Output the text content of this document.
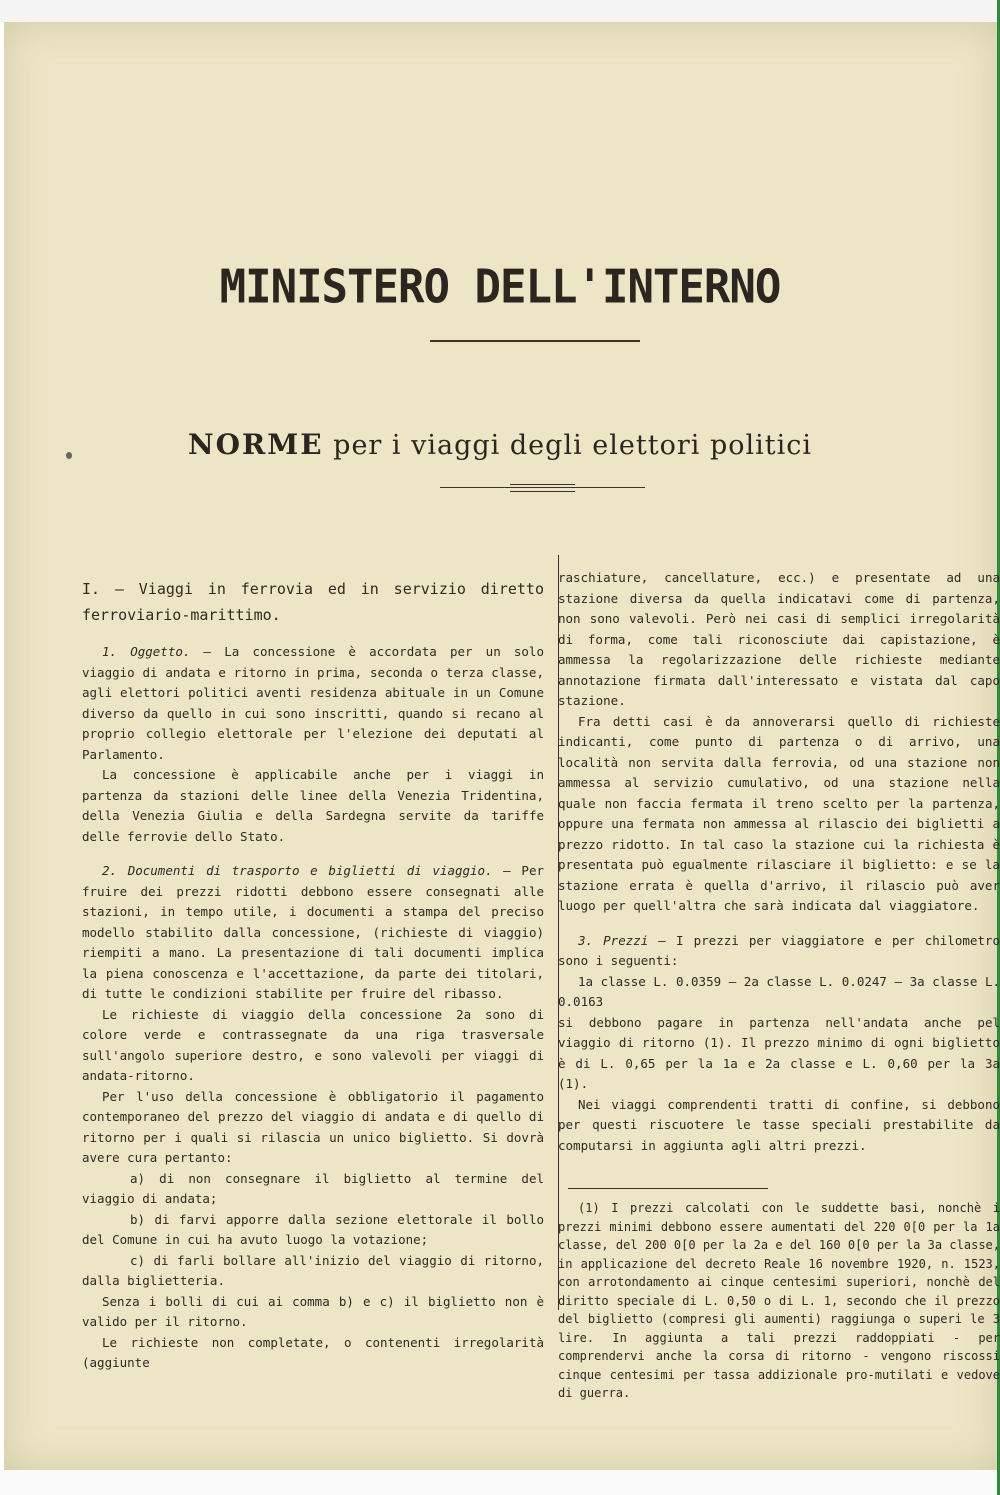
MINISTERO DELL'INTERNO
NORME per i viaggi degli elettori politici

I. — Viaggi in ferrovia ed in servizio diretto ferroviario-marittimo.

1. Oggetto. — La concessione è accordata per un solo viaggio di andata e ritorno in prima, seconda o terza classe, agli elettori politici aventi residenza abituale in un Comune diverso da quello in cui sono inscritti, quando si recano al proprio collegio elettorale per l'elezione dei deputati al Parlamento.

La concessione è applicabile anche per i viaggi in partenza da stazioni delle linee della Venezia Tridentina, della Venezia Giulia e della Sardegna servite da tariffe delle ferrovie dello Stato.

2. Documenti di trasporto e biglietti di viaggio. — Per fruire dei prezzi ridotti debbono essere consegnati alle stazioni, in tempo utile, i documenti a stampa del preciso modello stabilito dalla concessione, (richieste di viaggio) riempiti a mano. La presentazione di tali documenti implica la piena conoscenza e l'accettazione, da parte dei titolari, di tutte le condizioni stabilite per fruire del ribasso.

Le richieste di viaggio della concessione 2a sono di colore verde e contrassegnate da una riga trasversale sull'angolo superiore destro, e sono valevoli per viaggi di andata-ritorno.

Per l'uso della concessione è obbligatorio il pagamento contemporaneo del prezzo del viaggio di andata e di quello di ritorno per i quali si rilascia un unico biglietto. Si dovrà avere cura pertanto:

a) di non consegnare il biglietto al termine del viaggio di andata;

b) di farvi apporre dalla sezione elettorale il bollo del Comune in cui ha avuto luogo la votazione;

c) di farli bollare all'inizio del viaggio di ritorno, dalla biglietteria.

Senza i bolli di cui ai comma b) e c) il biglietto non è valido per il ritorno.

Le richieste non completate, o contenenti irregolarità (aggiunte

raschiature, cancellature, ecc.) e presentate ad una stazione diversa da quella indicatavi come di partenza, non sono valevoli. Però nei casi di semplici irregolarità di forma, come tali riconosciute dai capistazione, è ammessa la regolarizzazione delle richieste mediante annotazione firmata dall'interessato e vistata dal capo stazione.

Fra detti casi è da annoverarsi quello di richieste indicanti, come punto di partenza o di arrivo, una località non servita dalla ferrovia, od una stazione non ammessa al servizio cumulativo, od una stazione nella quale non faccia fermata il treno scelto per la partenza, oppure una fermata non ammessa al rilascio dei biglietti a prezzo ridotto. In tal caso la stazione cui la richiesta è presentata può egualmente rilasciare il biglietto: e se la stazione errata è quella d'arrivo, il rilascio può aver luogo per quell'altra che sarà indicata dal viaggiatore.

3. Prezzi — I prezzi per viaggiatore e per chilometro sono i seguenti:

1a classe L. 0.0359 — 2a classe L. 0.0247 — 3a classe L. 0.0163

si debbono pagare in partenza nell'andata anche pel viaggio di ritorno (1). Il prezzo minimo di ogni biglietto è di L. 0,65 per la 1a e 2a classe e L. 0,60 per la 3a (1).

Nei viaggi comprendenti tratti di confine, si debbono per questi riscuotere le tasse speciali prestabilite da computarsi in aggiunta agli altri prezzi.

(1) I prezzi calcolati con le suddette basi, nonchè i prezzi minimi debbono essere aumentati del 220 0[0 per la 1a classe, del 200 0[0 per la 2a e del 160 0[0 per la 3a classe, in applicazione del decreto Reale 16 novembre 1920, n. 1523, con arrotondamento ai cinque centesimi superiori, nonchè del diritto speciale di L. 0,50 o di L. 1, secondo che il prezzo del biglietto (compresi gli aumenti) raggiunga o superi le 3 lire. In aggiunta a tali prezzi raddoppiati - per comprendervi anche la corsa di ritorno - vengono riscossi cinque centesimi per tassa addizionale pro-mutilati e vedove di guerra.
